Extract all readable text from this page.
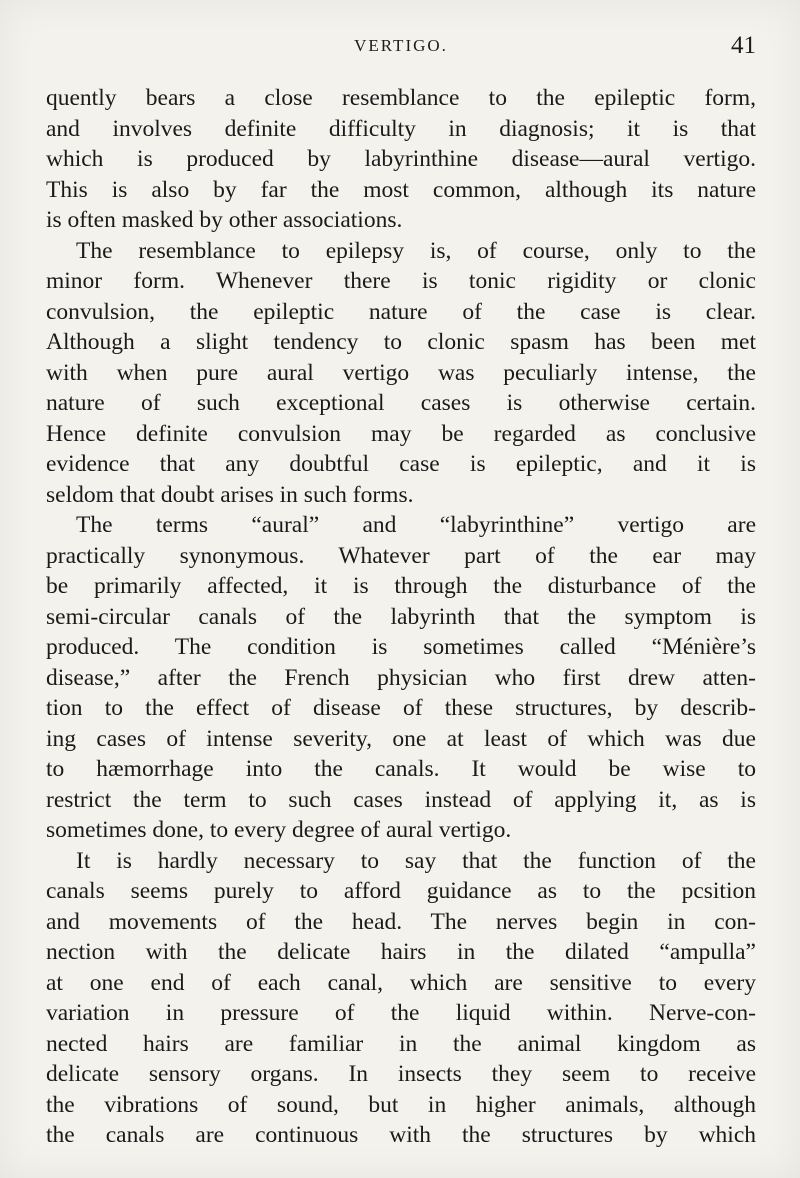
VERTIGO.	41
quently bears a close resemblance to the epileptic form,
and involves definite difficulty in diagnosis; it is that
which is produced by labyrinthine disease—aural vertigo.
This is also by far the most common, although its nature
is often masked by other associations.
The resemblance to epilepsy is, of course, only to the
minor form. Whenever there is tonic rigidity or clonic
convulsion, the epileptic nature of the case is clear.
Although a slight tendency to clonic spasm has been met
with when pure aural vertigo was peculiarly intense, the
nature of such exceptional cases is otherwise certain.
Hence definite convulsion may be regarded as conclusive
evidence that any doubtful case is epileptic, and it is
seldom that doubt arises in such forms.
The terms “aural” and “labyrinthine” vertigo are
practically synonymous. Whatever part of the ear may
be primarily affected, it is through the disturbance of the
semi-circular canals of the labyrinth that the symptom is
produced. The condition is sometimes called “Ménière’s
disease,” after the French physician who first drew atten-
tion to the effect of disease of these structures, by describ-
ing cases of intense severity, one at least of which was due
to hæmorrhage into the canals. It would be wise to
restrict the term to such cases instead of applying it, as is
sometimes done, to every degree of aural vertigo.
It is hardly necessary to say that the function of the
canals seems purely to afford guidance as to the pcsition
and movements of the head. The nerves begin in con-
nection with the delicate hairs in the dilated “ampulla”
at one end of each canal, which are sensitive to every
variation in pressure of the liquid within. Nerve-con-
nected hairs are familiar in the animal kingdom as
delicate sensory organs. In insects they seem to receive
the vibrations of sound, but in higher animals, although
the canals are continuous with the structures by which
